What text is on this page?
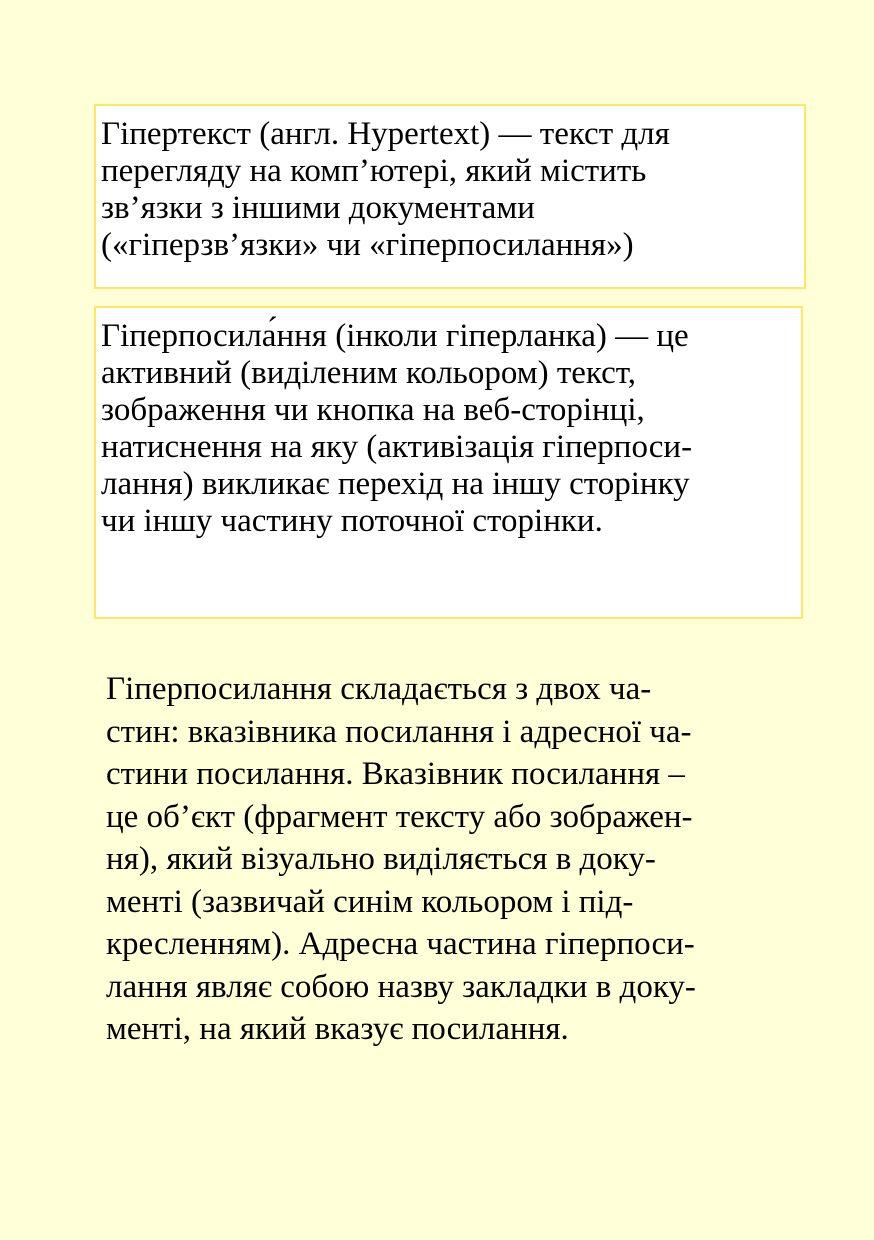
Гіпертекст (англ. Hypertext) — текст для
перегляду на комп’ютері, який містить
зв’язки з іншими документами
(«гіперзв’язки» чи «гіперпосилання»)
Гіперпосила́ння (інколи гіперланка) — це
активний (виділеним кольором) текст,
зображення чи кнопка на веб-сторінці,
натиснення на яку (активізація гіперпоси-
лання) викликає перехід на іншу сторінку
чи іншу частину поточної сторінки.
Гіперпосилання складається з двох ча-
стин: вказівника посилання і адресної ча-
стини посилання. Вказівник посилання –
це об’єкт (фрагмент тексту або зображен-
ня), який візуально виділяється в доку-
менті (зазвичай синім кольором і під-
кресленням). Адресна частина гіперпоси-
лання являє собою назву закладки в доку-
менті, на який вказує посилання.
